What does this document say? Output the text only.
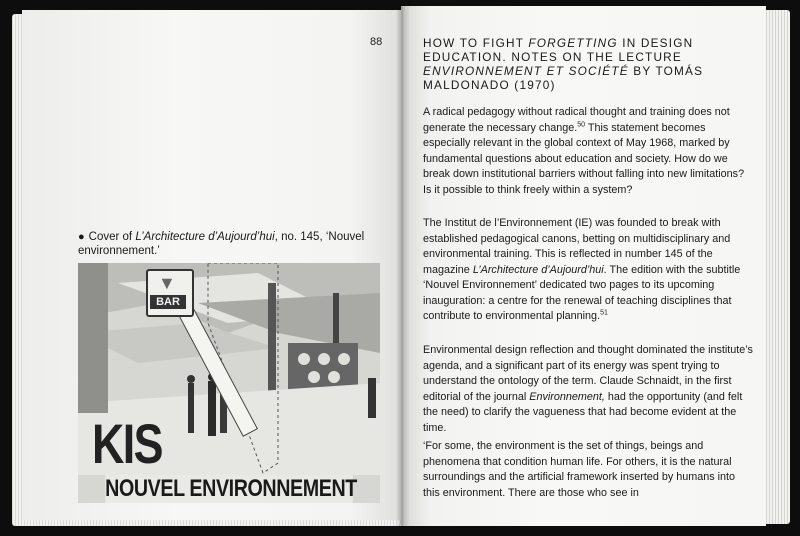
88
● Cover of L’Architecture d’Aujourd’hui, no. 145, ‘Nouvel environnement.’
▼
BAR
KIS
NOUVEL ENVIRONNEMENT
HOW TO FIGHT FORGETTING IN DESIGN EDUCATION. NOTES ON THE LECTURE ENVIRONNEMENT ET SOCIÉTÉ BY TOMÁS MALDONADO (1970)
A radical pedagogy without radical thought and training does not generate the necessary change.$^{50}$ This statement becomes especially relevant in the global context of May 1968, marked by fundamental questions about education and society. How do we break down institutional barriers without falling into new limitations? Is it possible to think freely within a system?
The Institut de l’Environnement (IE) was founded to break with established pedagogical canons, betting on multidisciplinary and environmental training. This is reflected in number 145 of the magazine L’Architecture d’Aujourd’hui. The edition with the subtitle ‘Nouvel Environnement’ dedicated two pages to its upcoming inauguration: a centre for the renewal of teaching disciplines that contribute to environmental planning.$^{51}$
Environmental design reflection and thought dominated the institute’s agenda, and a significant part of its energy was spent trying to understand the ontology of the term. Claude Schnaidt, in the first editorial of the journal Environnement, had the opportunity (and felt the need) to clarify the vagueness that had become evident at the time.
‘For some, the environment is the set of things, beings and phenomena that condition human life. For others, it is the natural surroundings and the artificial framework inserted by humans into this environment. There are those who see in
